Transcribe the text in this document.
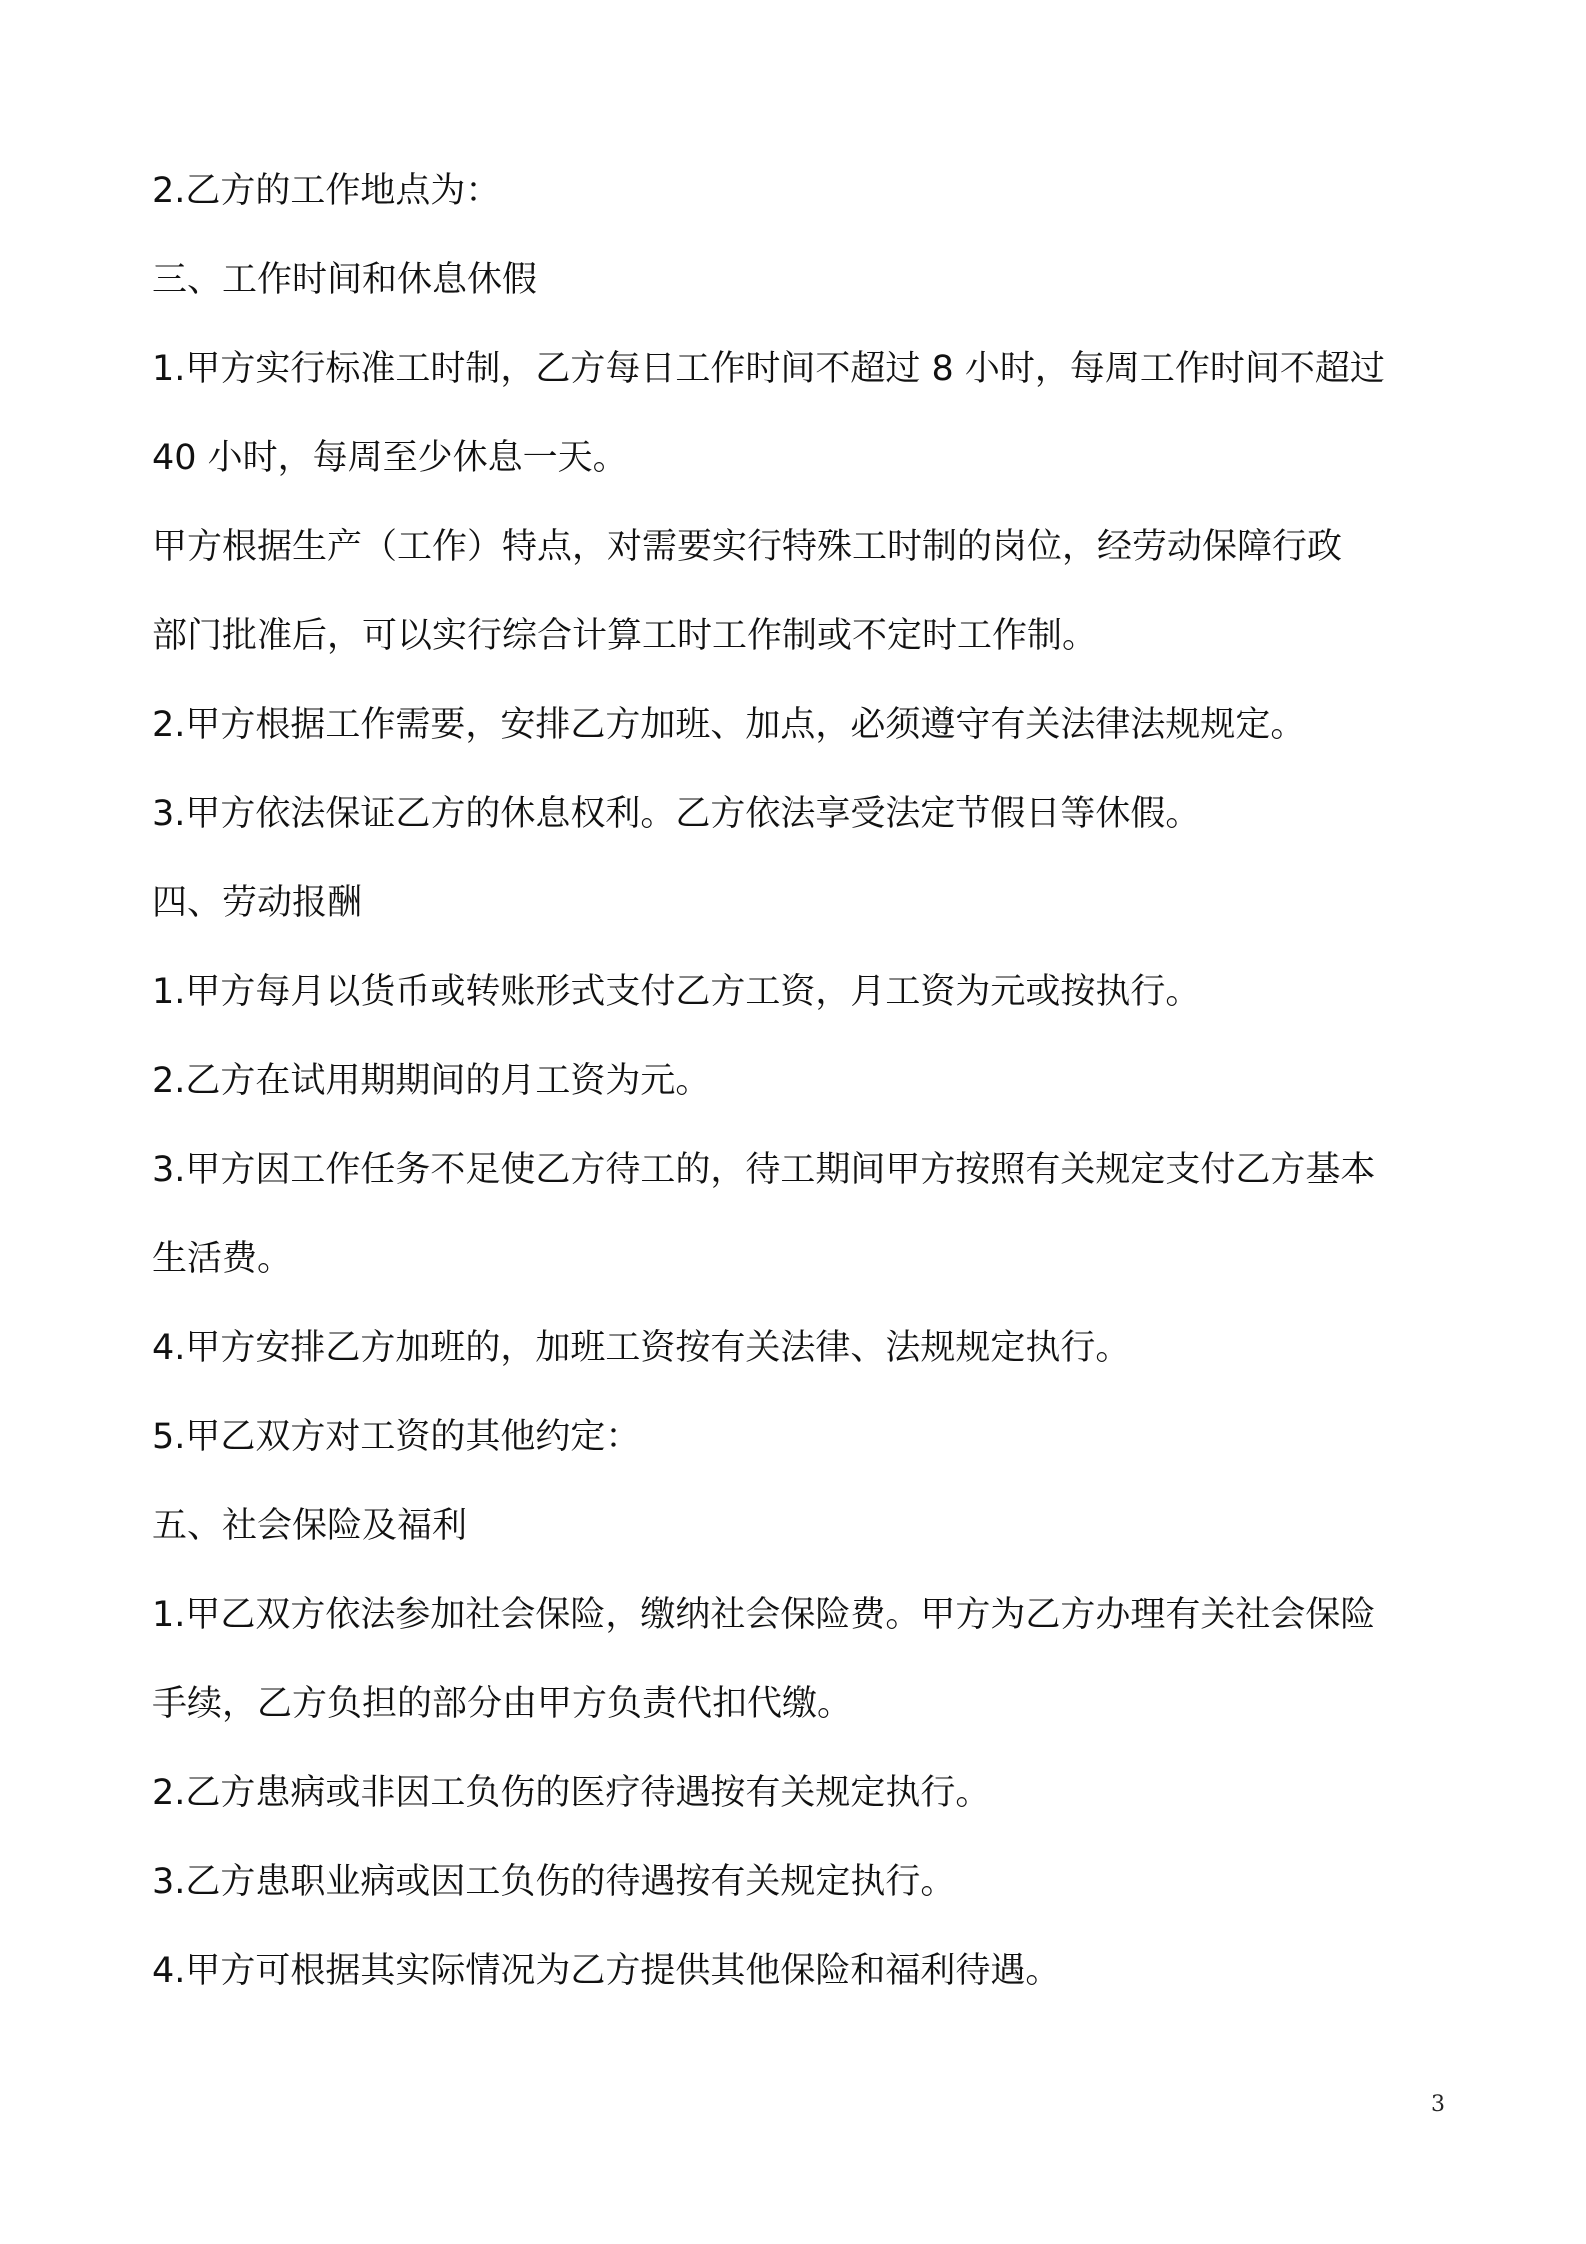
2.乙方的工作地点为：
三、工作时间和休息休假
1.甲方实行标准工时制，乙方每日工作时间不超过 8 小时，每周工作时间不超过
40 小时，每周至少休息一天。
甲方根据生产（工作）特点，对需要实行特殊工时制的岗位，经劳动保障行政
部门批准后，可以实行综合计算工时工作制或不定时工作制。
2.甲方根据工作需要，安排乙方加班、加点，必须遵守有关法律法规规定。
3.甲方依法保证乙方的休息权利。乙方依法享受法定节假日等休假。
四、劳动报酬
1.甲方每月以货币或转账形式支付乙方工资，月工资为元或按执行。
2.乙方在试用期期间的月工资为元。
3.甲方因工作任务不足使乙方待工的，待工期间甲方按照有关规定支付乙方基本
生活费。
4.甲方安排乙方加班的，加班工资按有关法律、法规规定执行。
5.甲乙双方对工资的其他约定：
五、社会保险及福利
1.甲乙双方依法参加社会保险，缴纳社会保险费。甲方为乙方办理有关社会保险
手续，乙方负担的部分由甲方负责代扣代缴。
2.乙方患病或非因工负伤的医疗待遇按有关规定执行。
3.乙方患职业病或因工负伤的待遇按有关规定执行。
4.甲方可根据其实际情况为乙方提供其他保险和福利待遇。
3
